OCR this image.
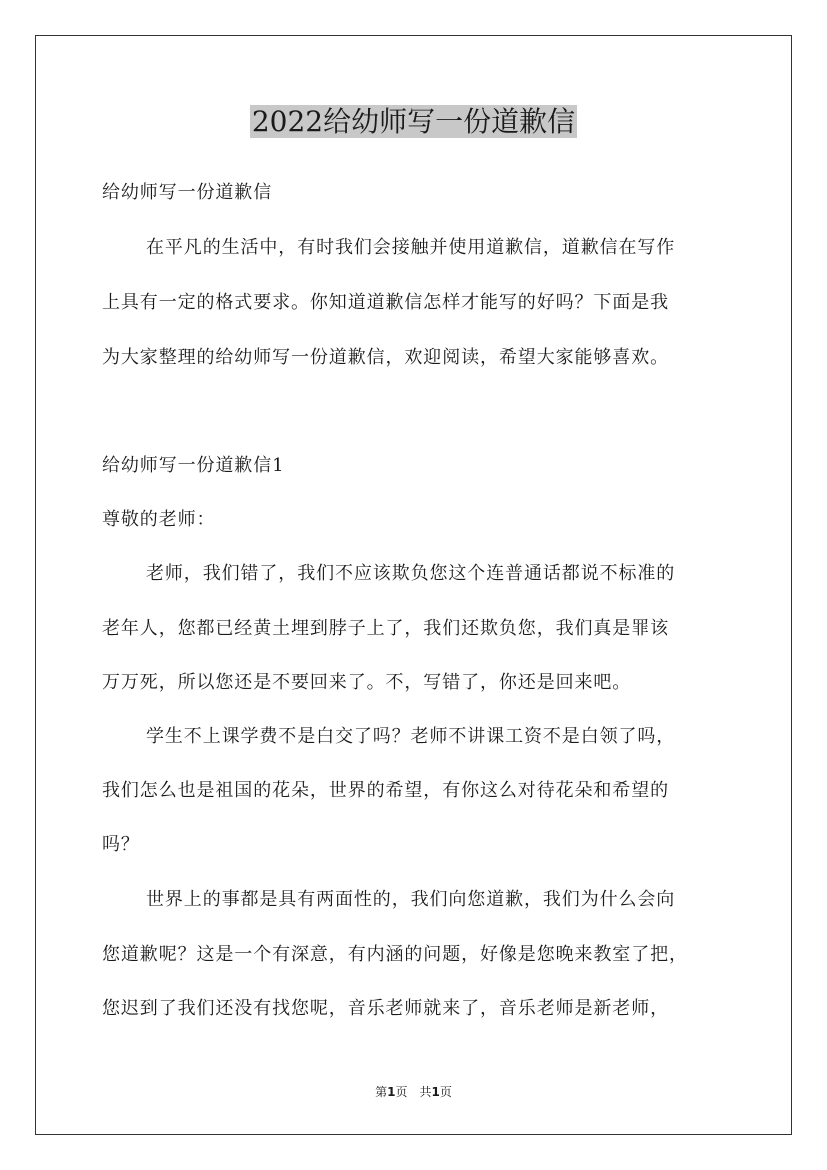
2022给幼师写一份道歉信
给幼师写一份道歉信
在平凡的生活中，有时我们会接触并使用道歉信，道歉信在写作
上具有一定的格式要求。你知道道歉信怎样才能写的好吗？下面是我
为大家整理的给幼师写一份道歉信，欢迎阅读，希望大家能够喜欢。
给幼师写一份道歉信1
尊敬的老师：
老师，我们错了，我们不应该欺负您这个连普通话都说不标准的
老年人，您都已经黄土埋到脖子上了，我们还欺负您，我们真是罪该
万万死，所以您还是不要回来了。不，写错了，你还是回来吧。
学生不上课学费不是白交了吗？老师不讲课工资不是白领了吗，
我们怎么也是祖国的花朵，世界的希望，有你这么对待花朵和希望的
吗？
世界上的事都是具有两面性的，我们向您道歉，我们为什么会向
您道歉呢？这是一个有深意，有内涵的问题，好像是您晚来教室了把，
您迟到了我们还没有找您呢，音乐老师就来了，音乐老师是新老师，
第1页　共1页
